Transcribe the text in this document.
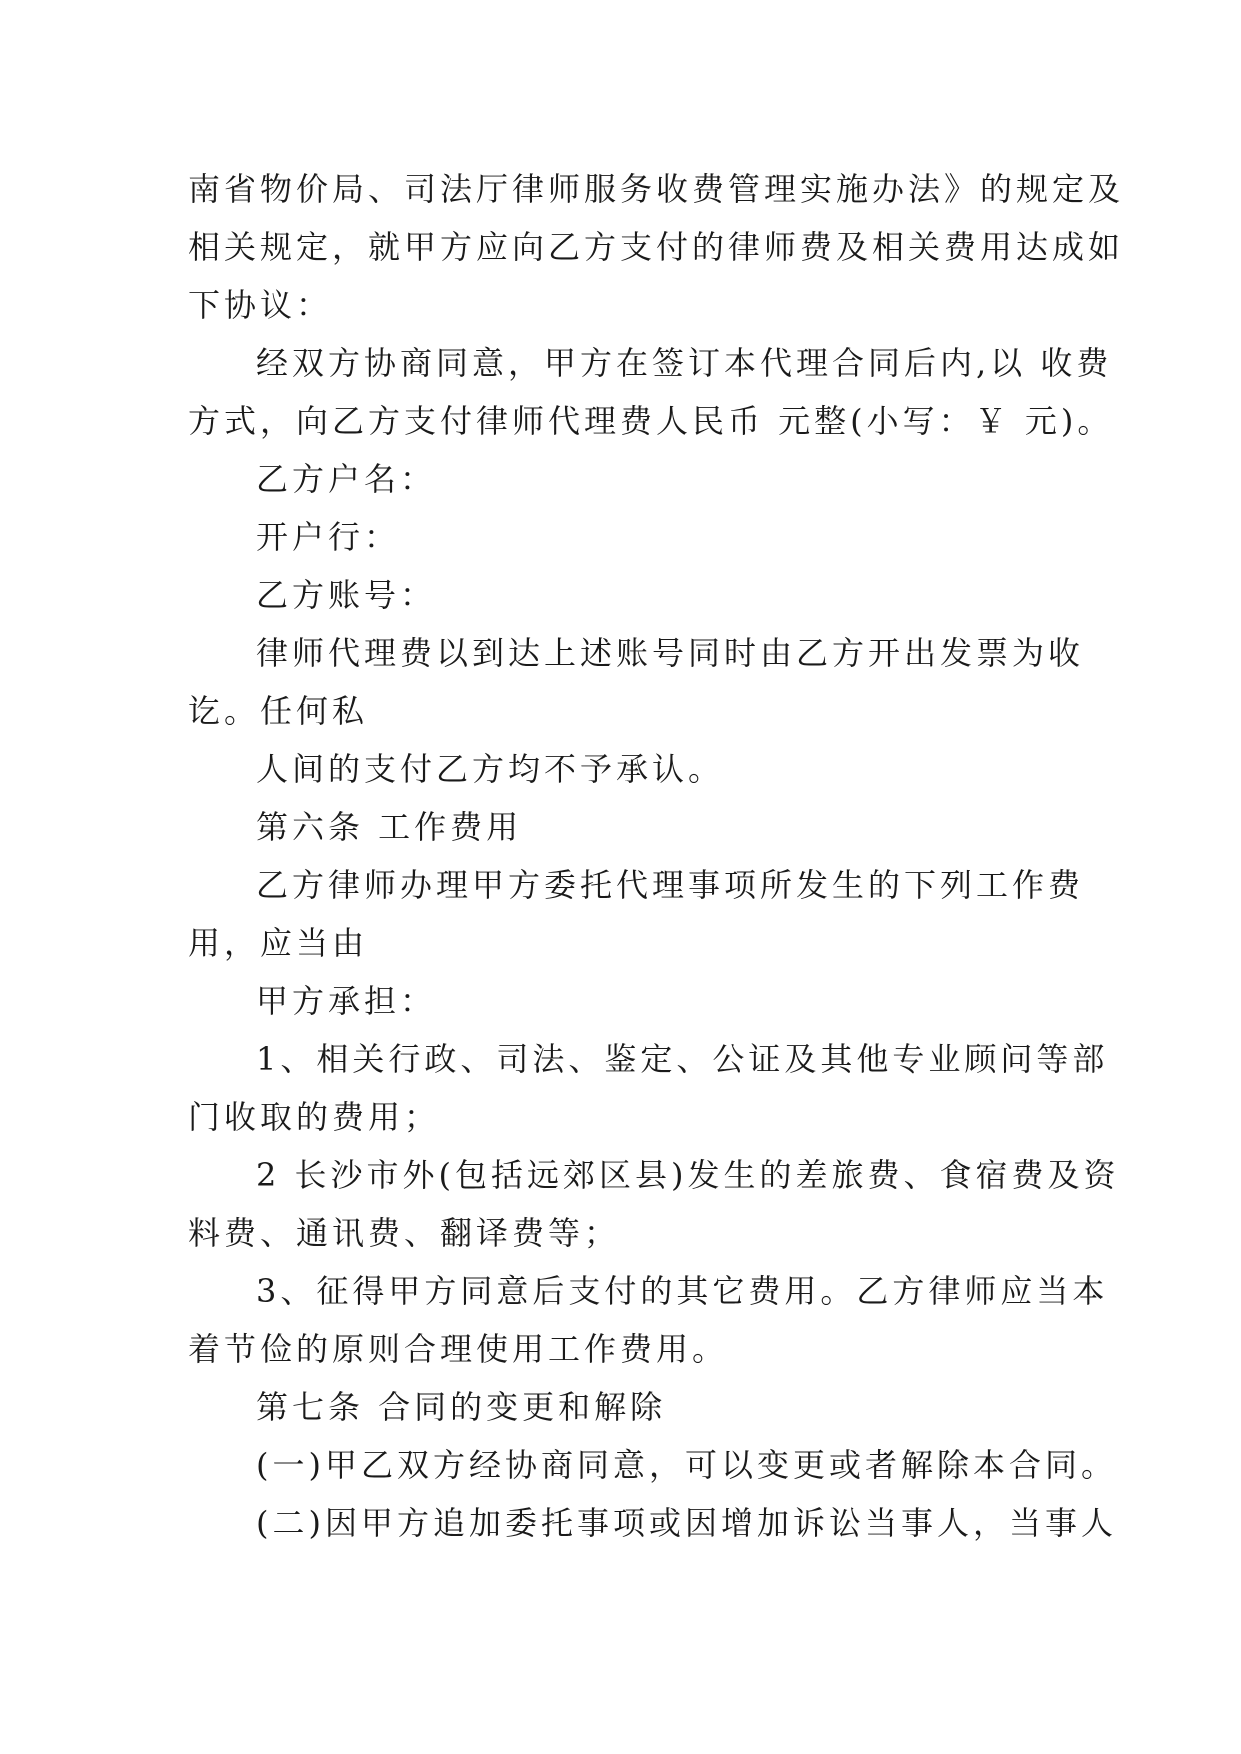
南省物价局、司法厅律师服务收费管理实施办法》的规定及

相关规定，就甲方应向乙方支付的律师费及相关费用达成如

下协议：

经双方协商同意，甲方在签订本代理合同后内,以 收费

方式，向乙方支付律师代理费人民币 元整(小写：￥ 元)。

乙方户名：

开户行：

乙方账号：

律师代理费以到达上述账号同时由乙方开出发票为收

讫。任何私

人间的支付乙方均不予承认。

第六条 工作费用

乙方律师办理甲方委托代理事项所发生的下列工作费

用，应当由

甲方承担：

1、相关行政、司法、鉴定、公证及其他专业顾问等部

门收取的费用；

2 长沙市外(包括远郊区县)发生的差旅费、食宿费及资

料费、通讯费、翻译费等；

3、征得甲方同意后支付的其它费用。乙方律师应当本

着节俭的原则合理使用工作费用。

第七条 合同的变更和解除

(一)甲乙双方经协商同意，可以变更或者解除本合同。

(二)因甲方追加委托事项或因增加诉讼当事人，当事人
